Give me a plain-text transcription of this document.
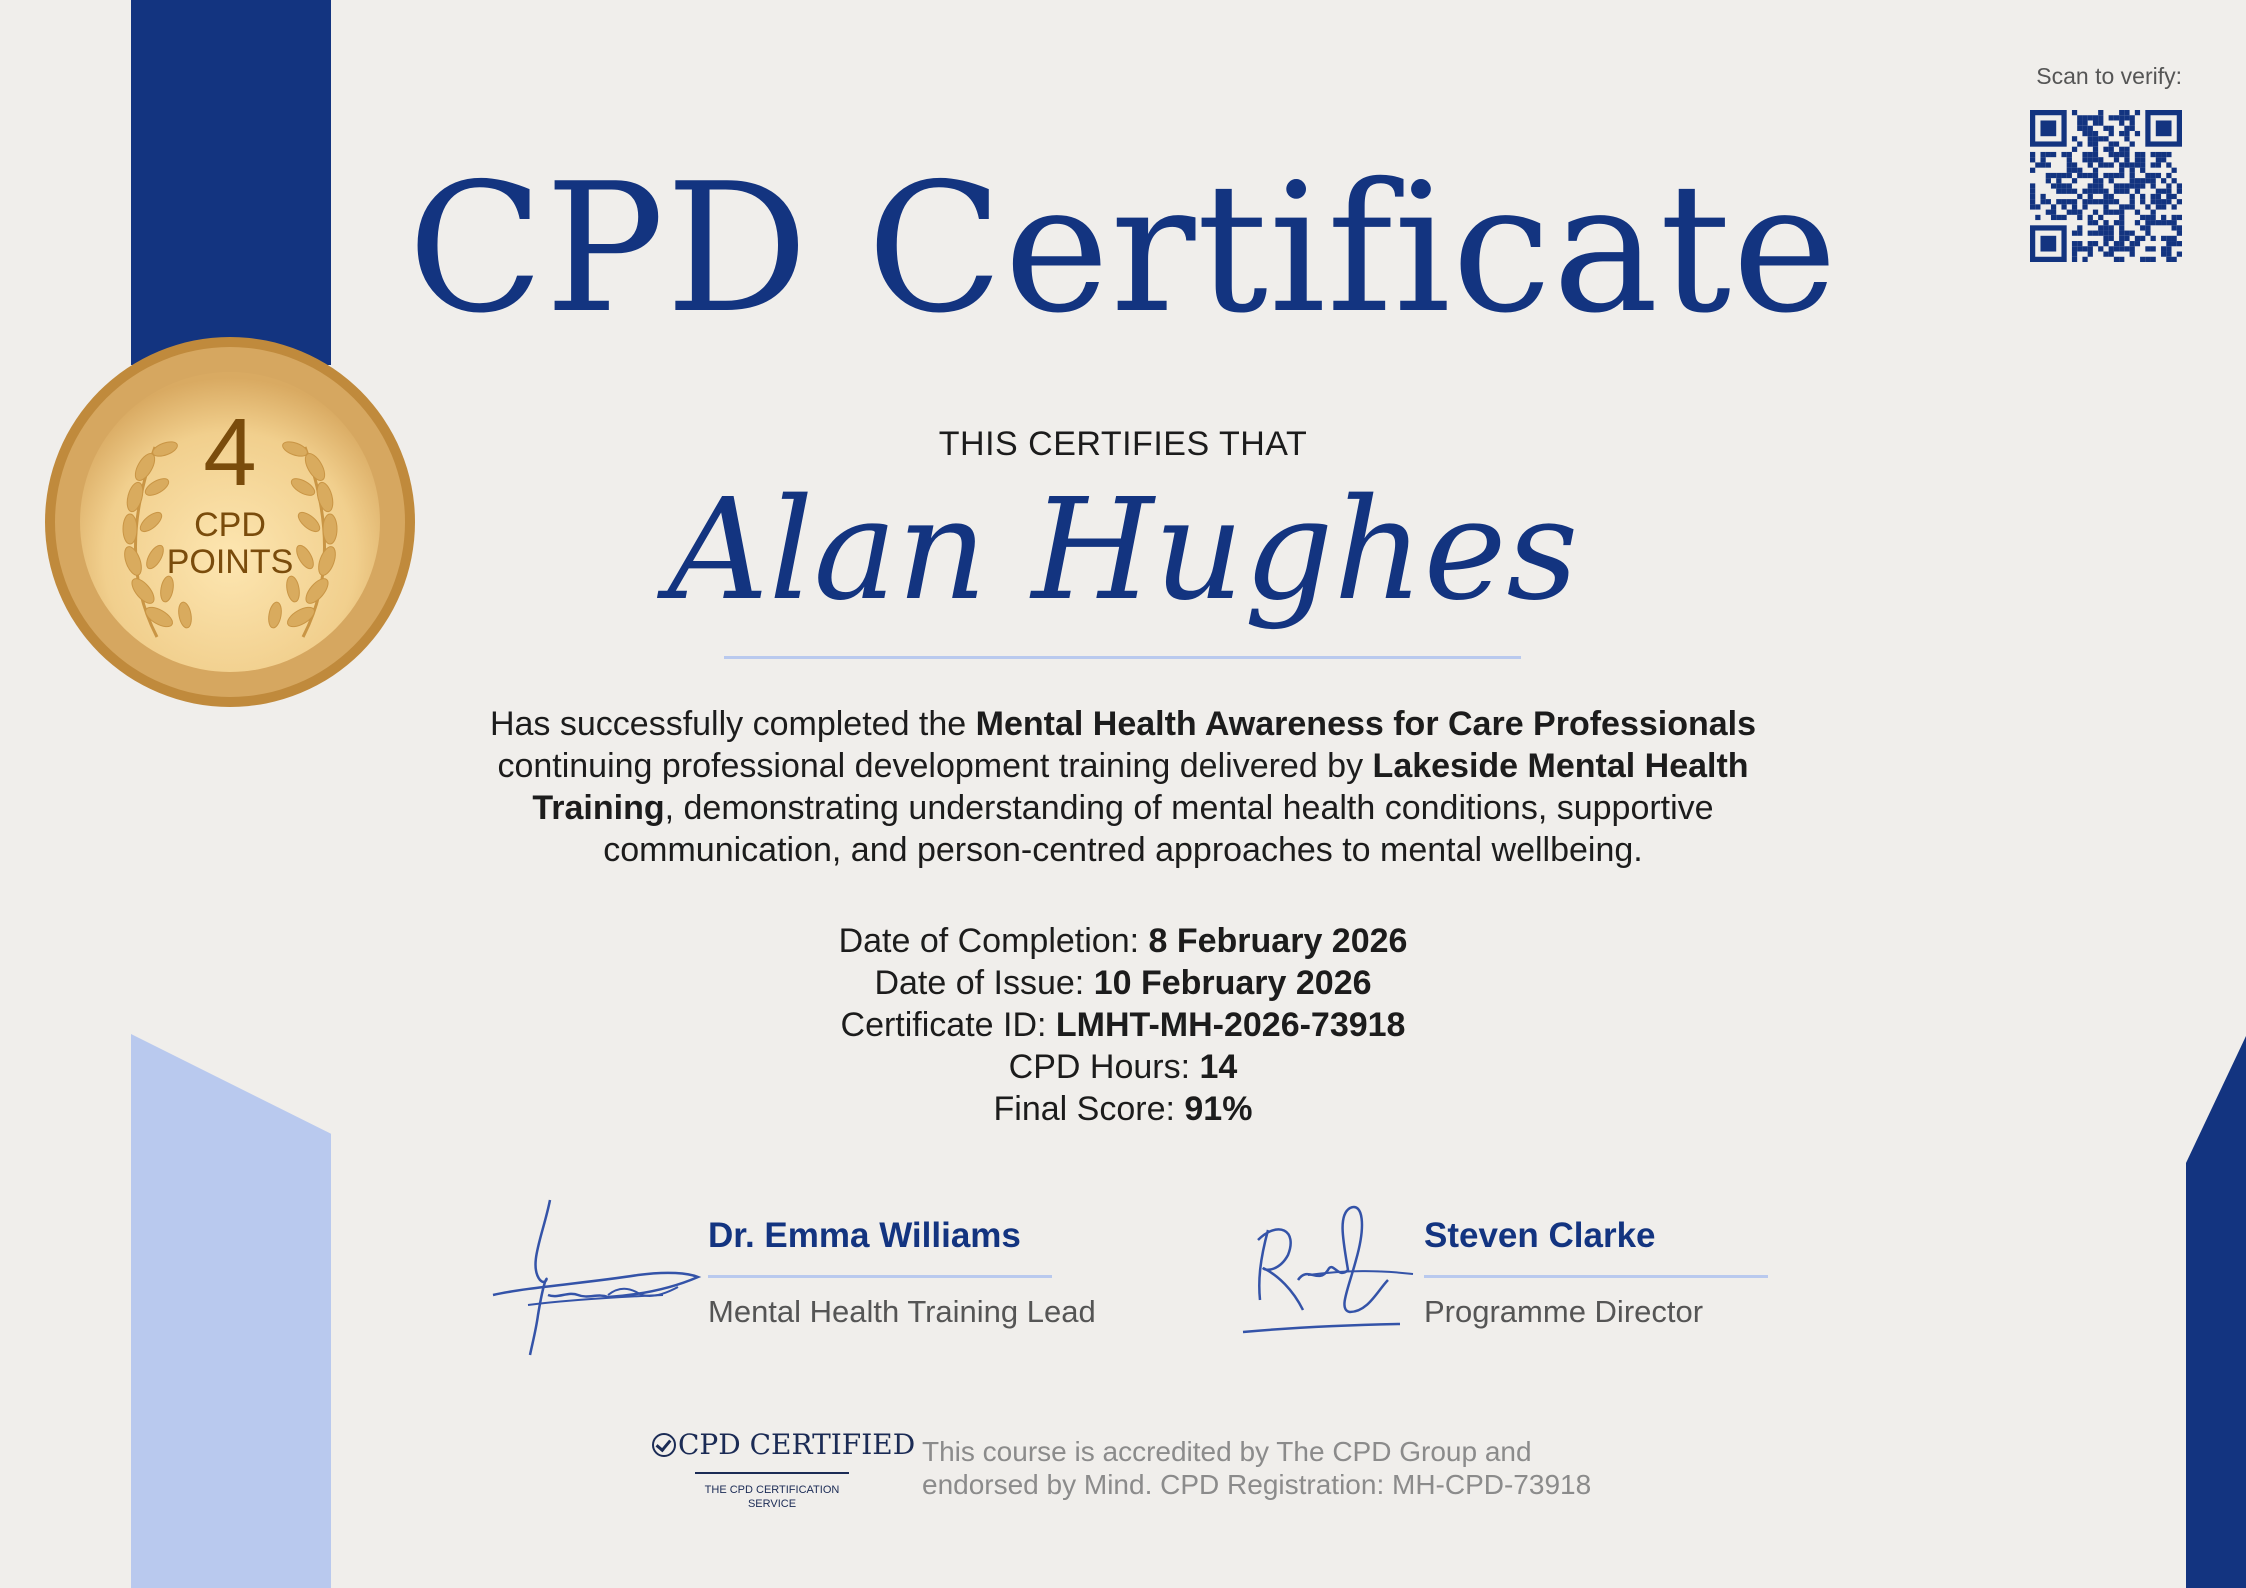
4
CPD
POINTS
Scan to verify:
CPD Certificate
THIS CERTIFIES THAT
Alan Hughes
Has successfully completed the Mental Health Awareness for Care Professionals continuing professional development training delivered by Lakeside Mental Health Training, demonstrating understanding of mental health conditions, supportive communication, and person-centred approaches to mental wellbeing.
Date of Completion: 8 February 2026
Date of Issue: 10 February 2026
Certificate ID: LMHT-MH-2026-73918
CPD Hours: 14
Final Score: 91%
Dr. Emma Williams
Mental Health Training Lead
Steven Clarke
Programme Director
CPD CERTIFIED
THE CPD CERTIFICATION SERVICE
This course is accredited by The CPD Group and
endorsed by Mind. CPD Registration: MH-CPD-73918
